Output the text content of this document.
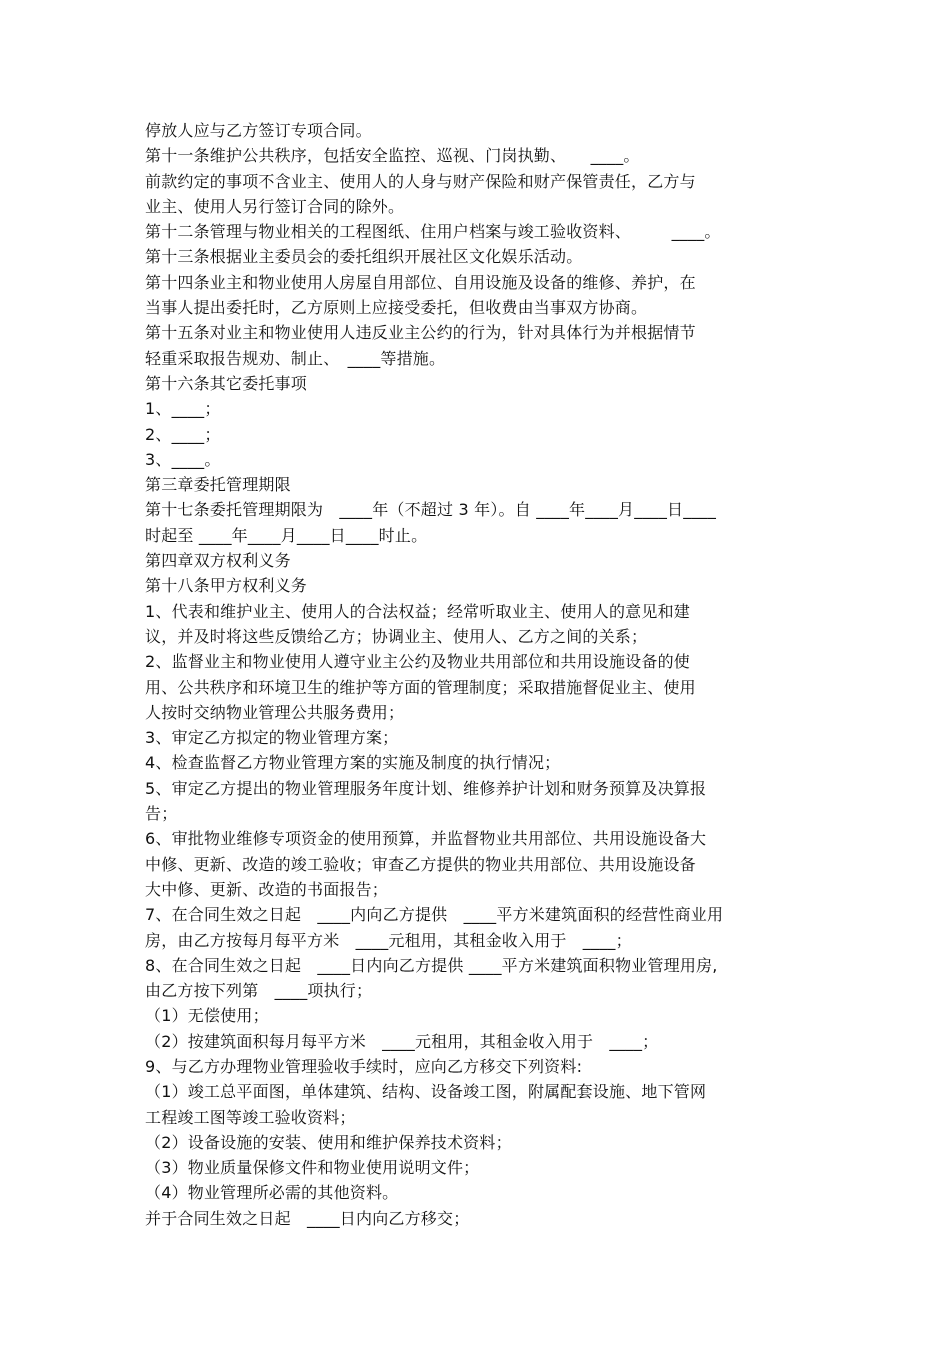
停放人应与乙方签订专项合同。
第十一条维护公共秩序，包括安全监控、巡视、门岗执勤、　　____。
前款约定的事项不含业主、使用人的人身与财产保险和财产保管责任，乙方与
业主、使用人另行签订合同的除外。
第十二条管理与物业相关的工程图纸、住用户档案与竣工验收资料、　　　____。
第十三条根据业主委员会的委托组织开展社区文化娱乐活动。
第十四条业主和物业使用人房屋自用部位、自用设施及设备的维修、养护，在
当事人提出委托时，乙方原则上应接受委托，但收费由当事双方协商。
第十五条对业主和物业使用人违反业主公约的行为，针对具体行为并根据情节
轻重采取报告规劝、制止、　____等措施。
第十六条其它委托事项
1、____；
2、____；
3、____。
第三章委托管理期限
第十七条委托管理期限为　____年（不超过 3 年）。自 ____年____月____日____
时起至 ____年____月____日____时止。
第四章双方权利义务
第十八条甲方权利义务
1、代表和维护业主、使用人的合法权益；经常听取业主、使用人的意见和建
议，并及时将这些反馈给乙方；协调业主、使用人、乙方之间的关系；
2、监督业主和物业使用人遵守业主公约及物业共用部位和共用设施设备的使
用、公共秩序和环境卫生的维护等方面的管理制度；采取措施督促业主、使用
人按时交纳物业管理公共服务费用；
3、审定乙方拟定的物业管理方案；
4、检查监督乙方物业管理方案的实施及制度的执行情况；
5、审定乙方提出的物业管理服务年度计划、维修养护计划和财务预算及决算报
告；
6、审批物业维修专项资金的使用预算，并监督物业共用部位、共用设施设备大
中修、更新、改造的竣工验收；审查乙方提供的物业共用部位、共用设施设备
大中修、更新、改造的书面报告；
7、在合同生效之日起　____内向乙方提供　____平方米建筑面积的经营性商业用
房，由乙方按每月每平方米　____元租用，其租金收入用于　____；
8、在合同生效之日起　____日内向乙方提供 ____平方米建筑面积物业管理用房,
由乙方按下列第　____项执行；
（1）无偿使用；
（2）按建筑面积每月每平方米　____元租用，其租金收入用于　____；
9、与乙方办理物业管理验收手续时，应向乙方移交下列资料:
（1）竣工总平面图，单体建筑、结构、设备竣工图，附属配套设施、地下管网
工程竣工图等竣工验收资料；
（2）设备设施的安装、使用和维护保养技术资料；
（3）物业质量保修文件和物业使用说明文件；
（4）物业管理所必需的其他资料。
并于合同生效之日起　____日内向乙方移交；
